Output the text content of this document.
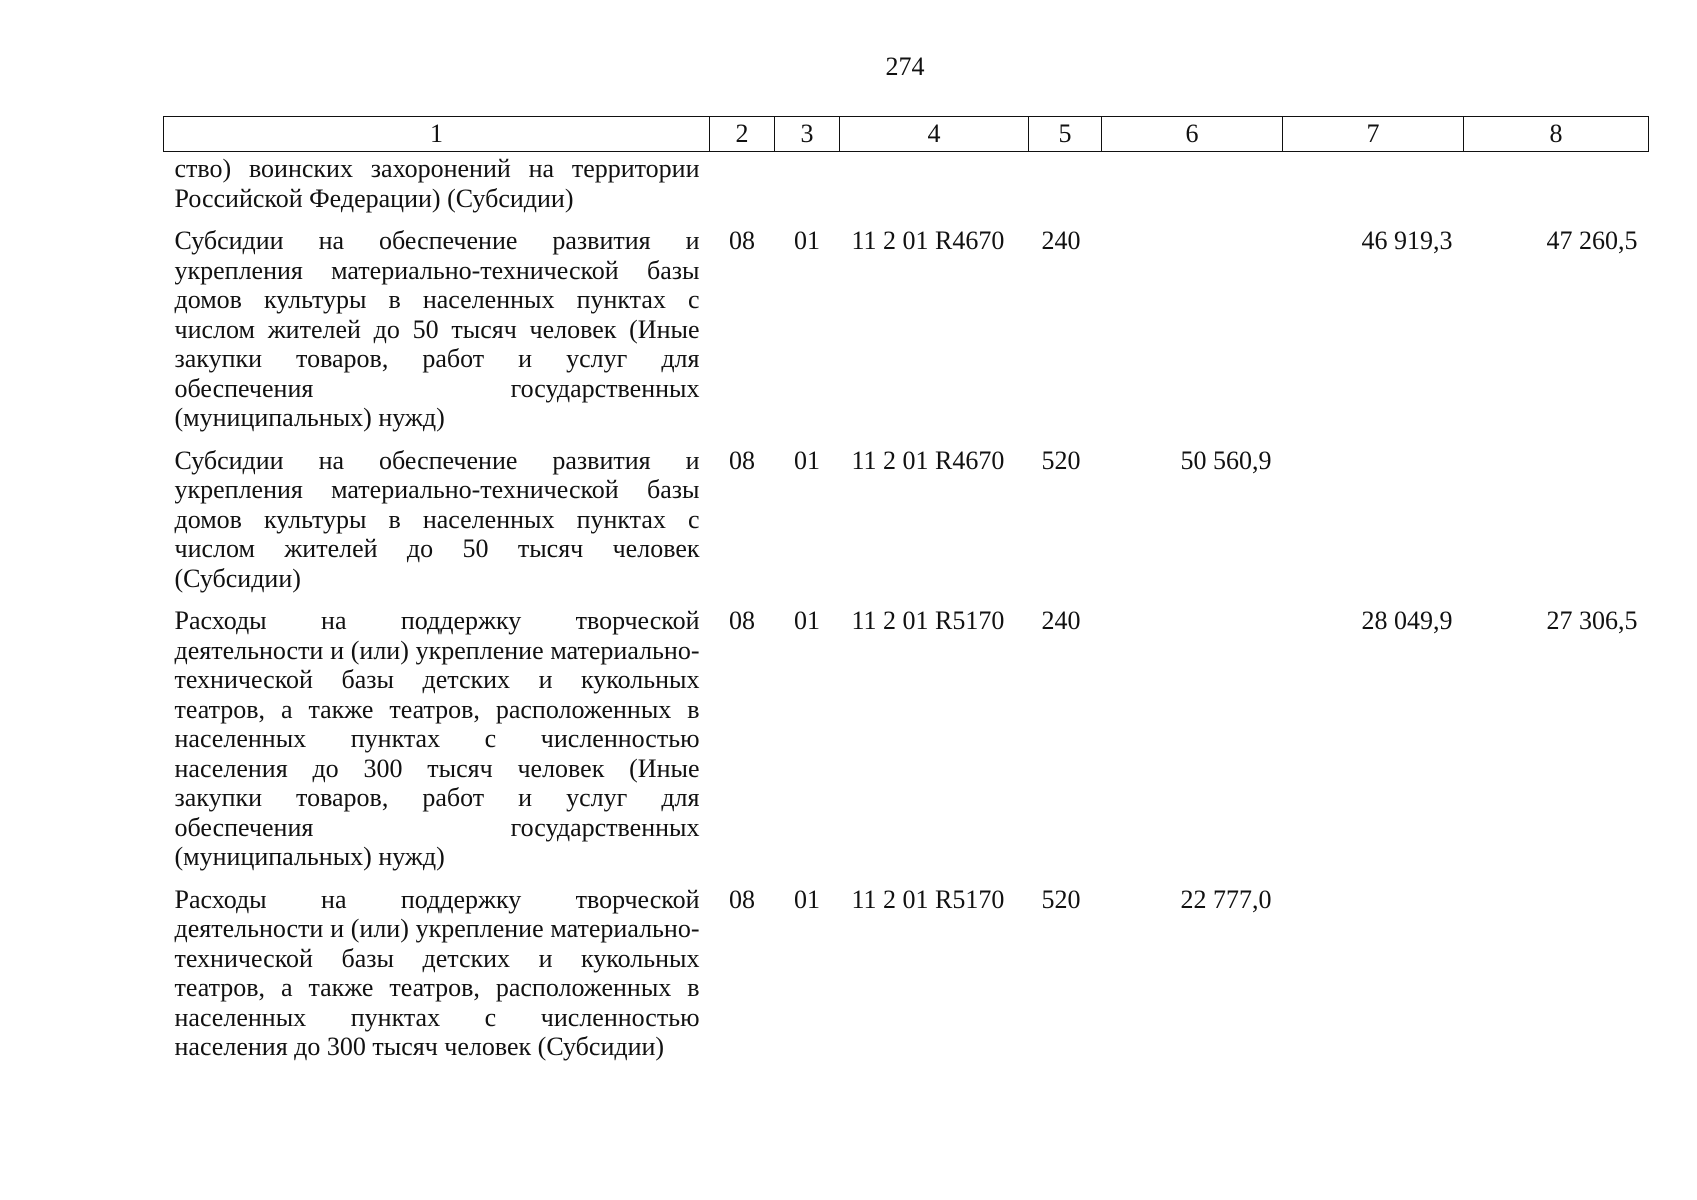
274
1	2	3	4	5	6	7	8
ство) воинских захоронений на территории Российской Федерации) (Субсидии)							
Субсидии на обеспечение развития и укрепления материально-технической базы домов культуры в населенных пунктах с числом жителей до 50 тысяч человек (Иные закупки товаров, работ и услуг для обеспечения государственных (муниципальных) нужд)	08	01	11 2 01 R4670	240		46 919,3	47 260,5
Субсидии на обеспечение развития и укрепления материально-технической базы домов культуры в населенных пунктах с числом жителей до 50 тысяч человек (Субсидии)	08	01	11 2 01 R4670	520	50 560,9		
Расходы на поддержку творческой деятельности и (или) укрепление материально-технической базы детских и кукольных театров, а также театров, расположенных в населенных пунктах с численностью населения до 300 тысяч человек (Иные закупки товаров, работ и услуг для обеспечения государственных (муниципальных) нужд)	08	01	11 2 01 R5170	240		28 049,9	27 306,5
Расходы на поддержку творческой деятельности и (или) укрепление материально-технической базы детских и кукольных театров, а также театров, расположенных в населенных пунктах с численностью населения до 300 тысяч человек (Субсидии)	08	01	11 2 01 R5170	520	22 777,0		
